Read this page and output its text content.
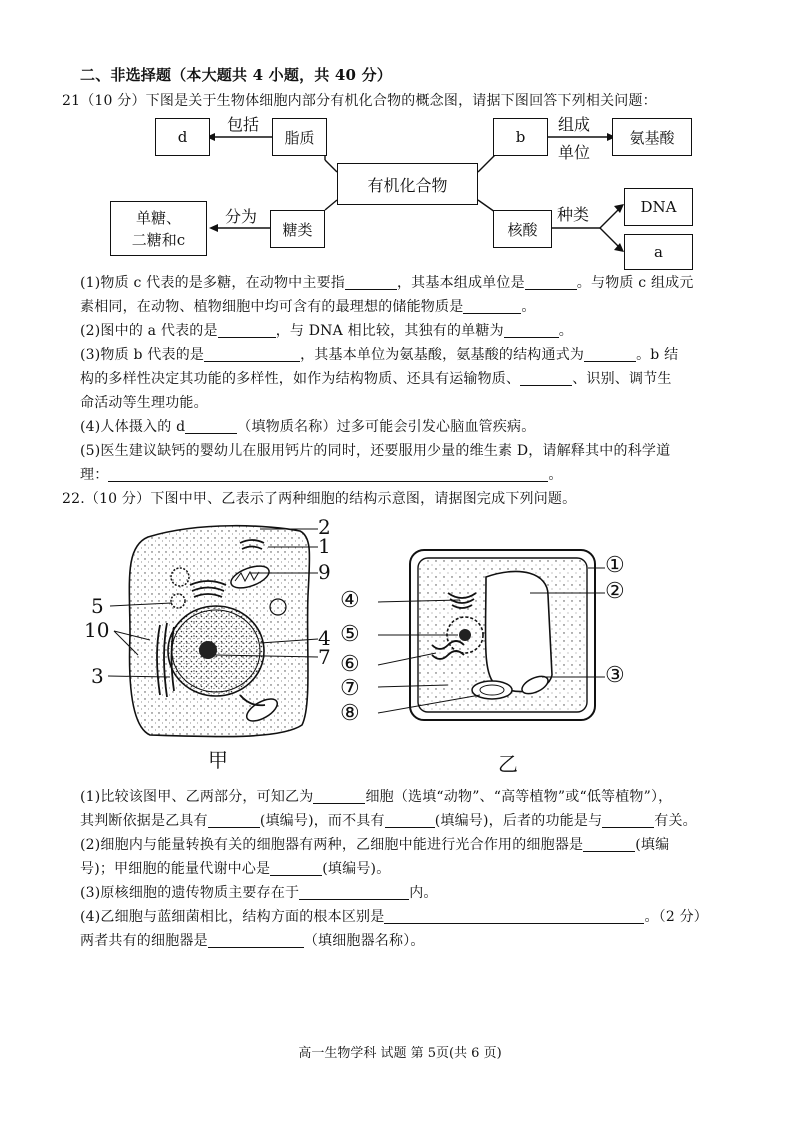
二、非选择题（本大题共 4 小题，共 40 分）
21（10 分）下图是关于生物体细胞内部分有机化合物的概念图，请据下图回答下列相关问题：
d
包括
脂质	b
组成
单位
氨基酸
有机化合物
单糖、
二糖和c
分为
糖类	核酸
种类	DNA
a
(1)物质 c 代表的是多糖，在动物中主要指	，其基本组成单位是	。与物质 c 组成元
素相同，在动物、植物细胞中均可含有的最理想的储能物质是	。
(2)图中的 a 代表的是	，与 DNA 相比较，其独有的单糖为	。
(3)物质 b 代表的是	，其基本单位为氨基酸，氨基酸的结构通式为	。b 结
构的多样性决定其功能的多样性，如作为结构物质、还具有运输物质、	、识别、调节生
命活动等生理功能。
(4)人体摄入的 d	（填物质名称）过多可能会引发心脑血管疾病。
(5)医生建议缺钙的婴幼儿在服用钙片的同时，还要服用少量的维生素 D，请解释其中的科学道
理：	。
22.（10 分）下图中甲、乙表示了两种细胞的结构示意图，请据图完成下列问题。
2
1
9
5
10	4
7
3
甲
①
②
③
④
⑤
⑥
⑦
⑧
乙
(1)比较该图甲、乙两部分，可知乙为	细胞（选填“动物”、“高等植物”或“低等植物”），
其判断依据是乙具有	(填编号)，而不具有	(填编号)，后者的功能是与	有关。
(2)细胞内与能量转换有关的细胞器有两种，乙细胞中能进行光合作用的细胞器是	(填编
号)；甲细胞的能量代谢中心是	(填编号)。
(3)原核细胞的遗传物质主要存在于	内。
(4)乙细胞与蓝细菌相比，结构方面的根本区别是	。（2 分）
两者共有的细胞器是	（填细胞器名称）。
高一生物学科 试题 第 5页(共 6 页)
